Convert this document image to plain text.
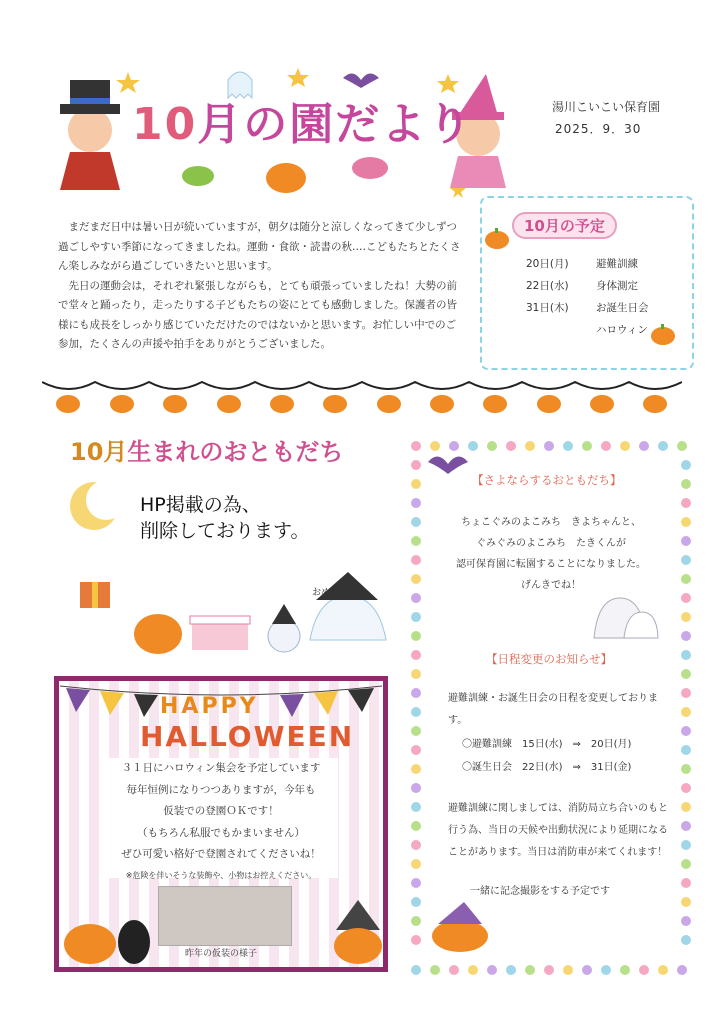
10月の園だより	湯川こいこい保育園
2025．9．30

まだまだ日中は暑い日が続いていますが，朝夕は随分と涼しくなってきて少しずつ過ごしやすい季節になってきましたね。運動・食欲・読書の秋‥‥こどもたちとたくさん楽しみながら過ごしていきたいと思います。

先日の運動会は，それぞれ緊張しながらも，とても頑張っていましたね！大勢の前で堂々と踊ったり，走ったりする子どもたちの姿にとても感動しました。保護者の皆様にも成長をしっかり感じていただけたのではないかと思います。お忙しい中でのご参加，たくさんの声援や拍手をありがとうございました。

10月の予定
20日(月)	避難訓練
22日(水)	身体測定
31日(木)	お誕生日会
ハロウィン
10月生まれのおともだち
HP掲載の為、
削除しております。
おめでとう☆
【さよならするおともだち】
ちょこぐみのよこみち　きよちゃんと、
ぐみぐみのよこみち　たきくんが
認可保育園に転園することになりました。
げんきでね！
【日程変更のお知らせ】
避難訓練・お誕生日会の日程を変更しております。
〇避難訓練　15日(水)　⇒　20日(月)
〇誕生日会　22日(水)　⇒　31日(金)
避難訓練に関しましては、消防局立ち合いのもと行う為、当日の天候や出動状況により延期になることがあります。当日は消防車が来てくれます！
一緒に記念撮影をする予定です
HAPPY
HALLOWEEN
３１日にハロウィン集会を予定しています
毎年恒例になりつつありますが，今年も
仮装での登園ＯＫです！
（もちろん私服でもかまいません）
ぜひ可愛い格好で登園されてくださいね！
※危険を伴いそうな装飾や、小物はお控えください。
昨年の仮装の様子
